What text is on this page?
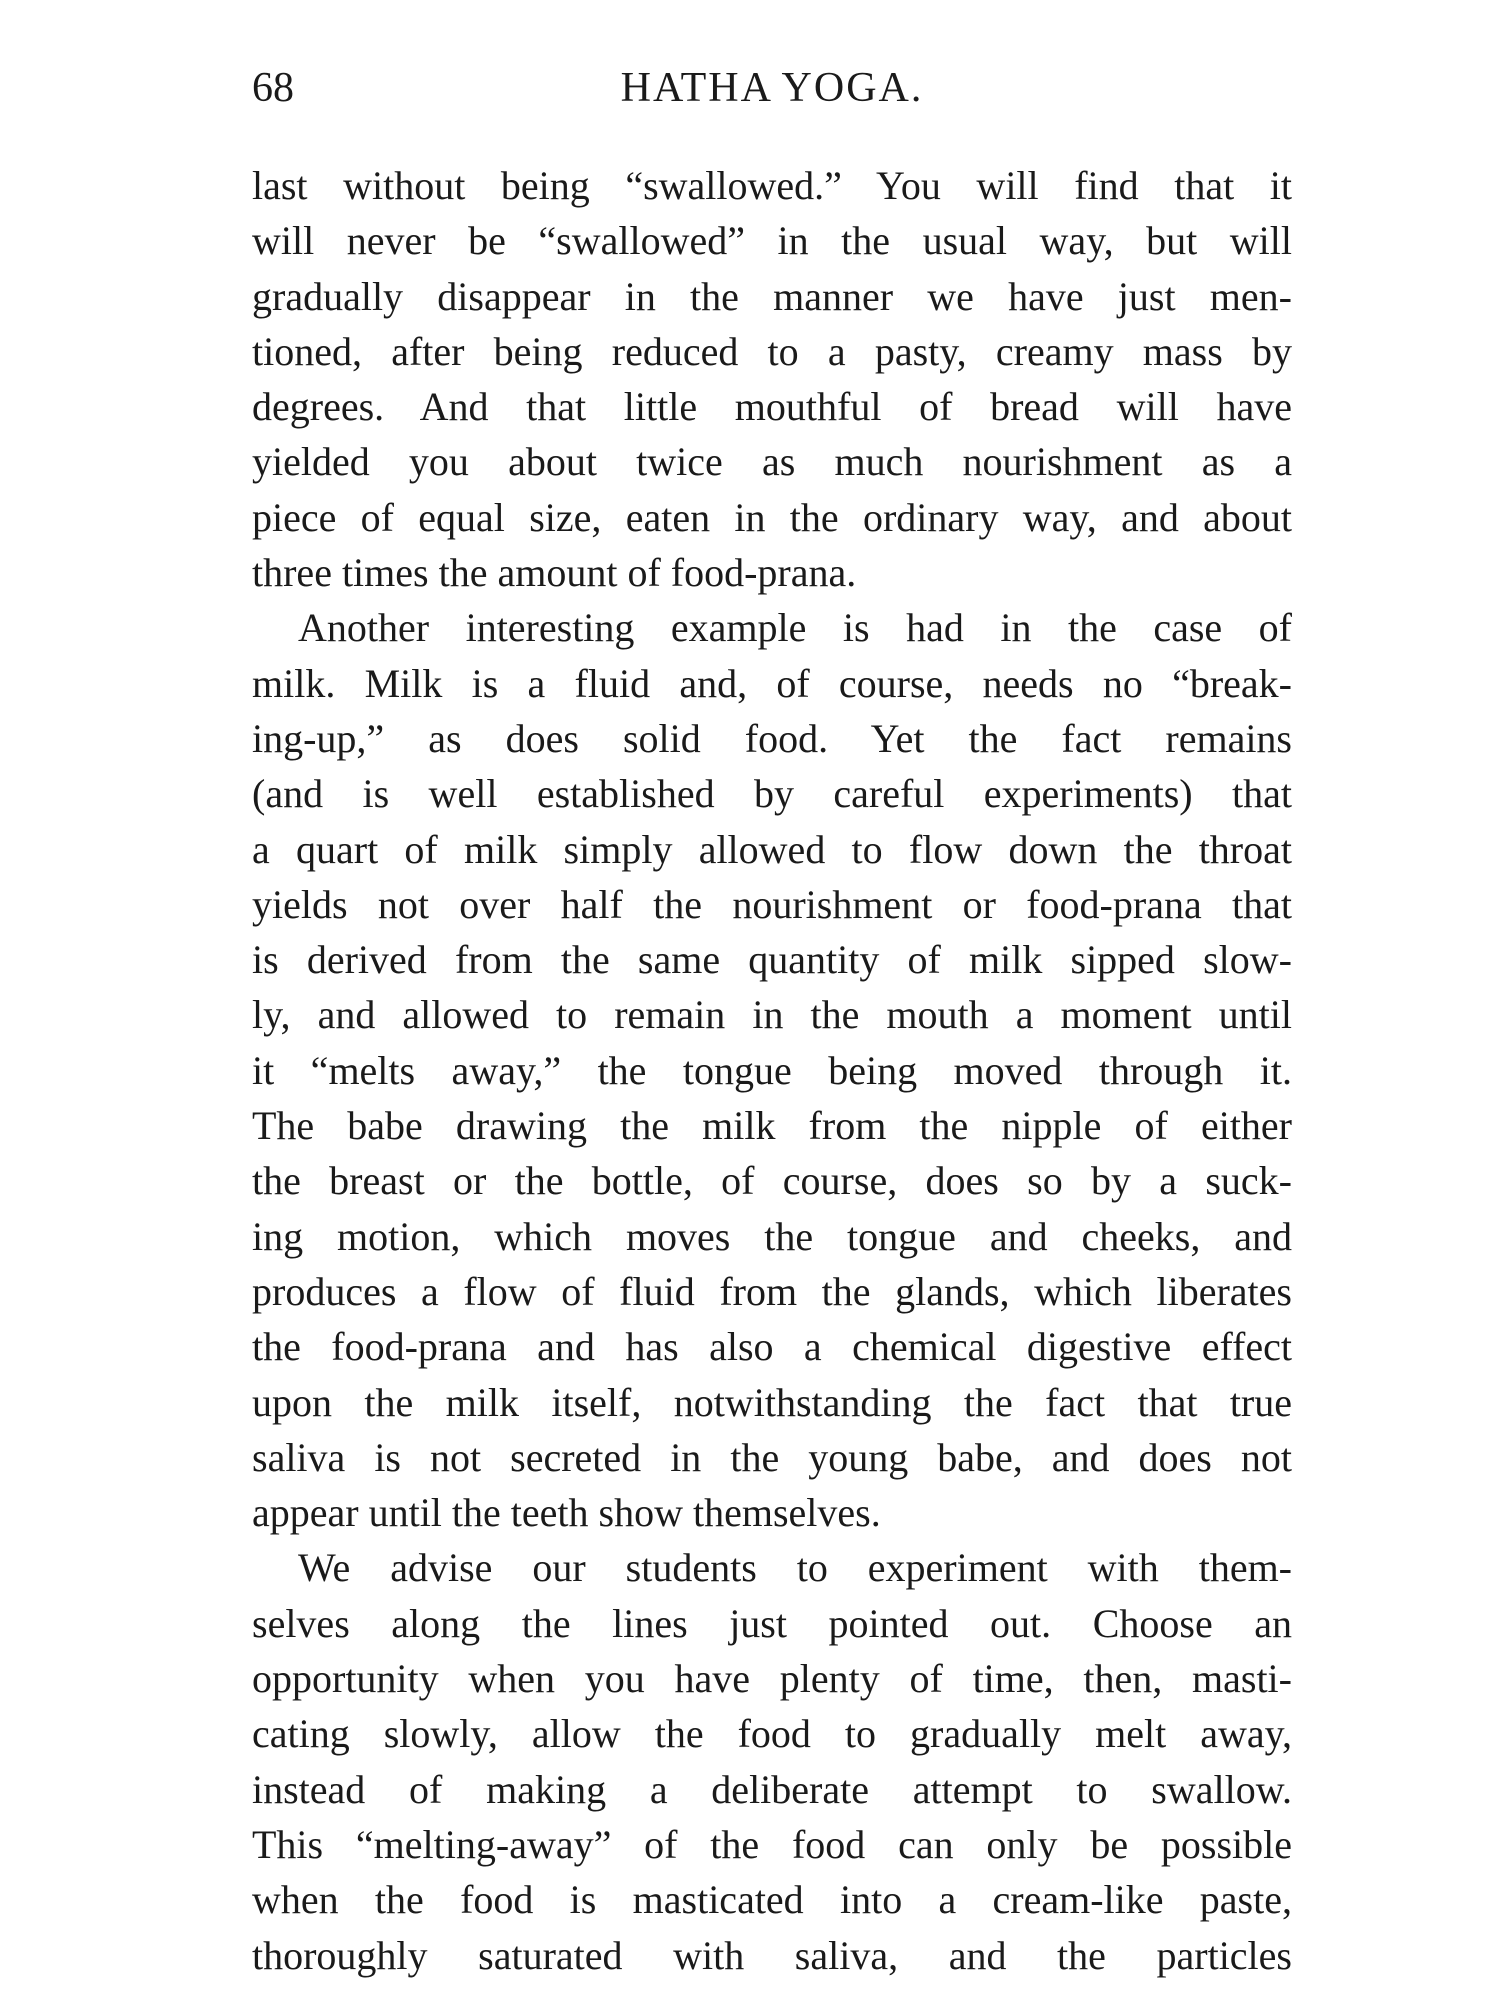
68	HATHA YOGA.
last without being “swallowed.” You will find that it
will never be “swallowed” in the usual way, but will
gradually disappear in the manner we have just men-
tioned, after being reduced to a pasty, creamy mass by
degrees. And that little mouthful of bread will have
yielded you about twice as much nourishment as a
piece of equal size, eaten in the ordinary way, and about
three times the amount of food-prana.
Another interesting example is had in the case of
milk. Milk is a fluid and, of course, needs no “break-
ing-up,” as does solid food. Yet the fact remains
(and is well established by careful experiments) that
a quart of milk simply allowed to flow down the throat
yields not over half the nourishment or food-prana that
is derived from the same quantity of milk sipped slow-
ly, and allowed to remain in the mouth a moment until
it “melts away,” the tongue being moved through it.
The babe drawing the milk from the nipple of either
the breast or the bottle, of course, does so by a suck-
ing motion, which moves the tongue and cheeks, and
produces a flow of fluid from the glands, which liberates
the food-prana and has also a chemical digestive effect
upon the milk itself, notwithstanding the fact that true
saliva is not secreted in the young babe, and does not
appear until the teeth show themselves.
We advise our students to experiment with them-
selves along the lines just pointed out. Choose an
opportunity when you have plenty of time, then, masti-
cating slowly, allow the food to gradually melt away,
instead of making a deliberate attempt to swallow.
This “melting-away” of the food can only be possible
when the food is masticated into a cream-like paste,
thoroughly saturated with saliva, and the particles
